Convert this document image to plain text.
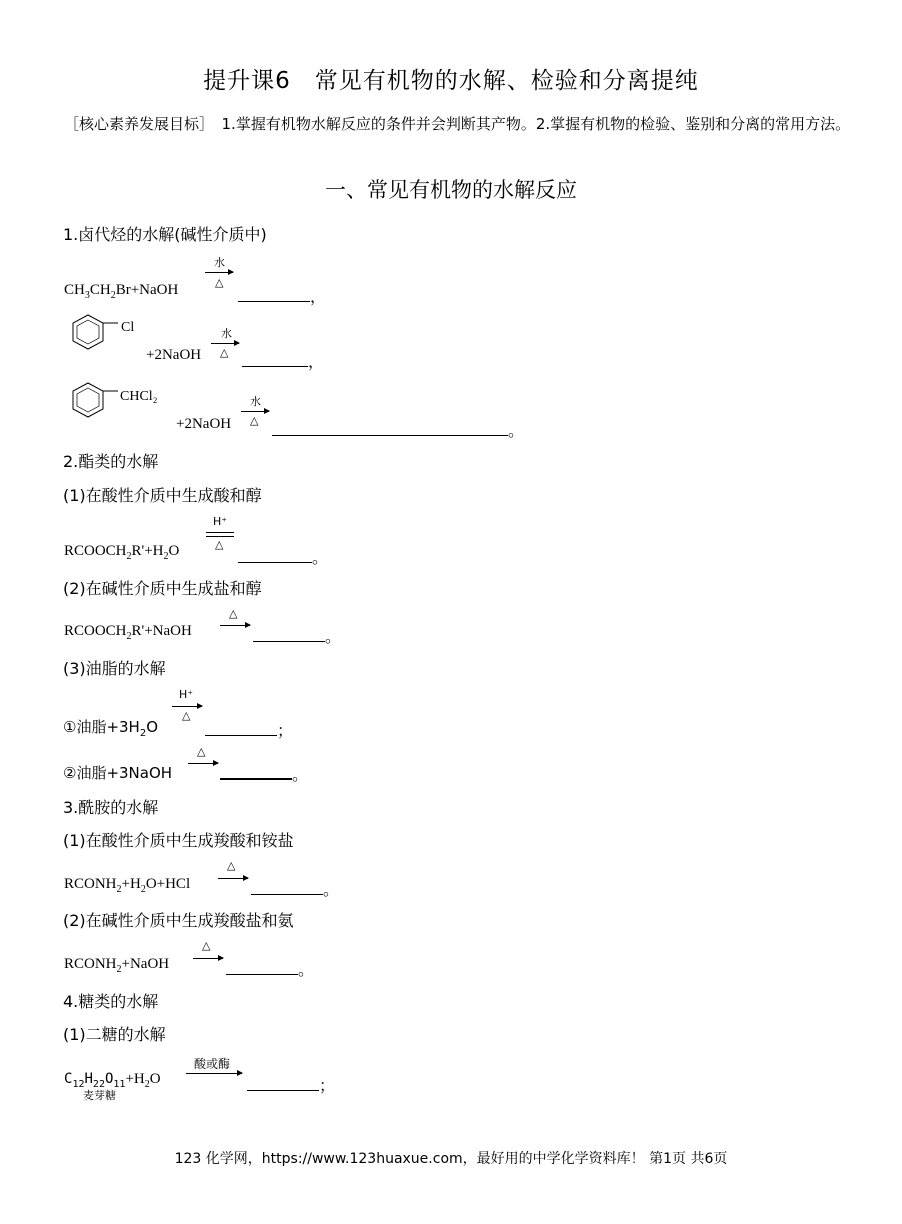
提升课6　常见有机物的水解、检验和分离提纯
［核心素养发展目标］　1.掌握有机物水解反应的条件并会判断其产物。2.掌握有机物的检验、鉴别和分离的常用方法。
一、常见有机物的水解反应
1.卤代烃的水解(碱性介质中)
$CH_3CH_2Br+NaOH$
水
△
，
Cl
+2NaOH
水
△	，
CHCl₂
+2NaOH
水
△
。
2.酯类的水解
(1)在酸性介质中生成酸和醇
$RCOOCH_2R'+H_2O$
H⁺
△
。
(2)在碱性介质中生成盐和醇
$RCOOCH_2R'+NaOH$
△
。
(3)油脂的水解
①油脂$+3H_2O$
H⁺
△
；
②油脂+3NaOH
△
。
3.酰胺的水解
(1)在酸性介质中生成羧酸和铵盐
$RCONH_2+H_2O+HCl$
△
。
(2)在碱性介质中生成羧酸盐和氨
$RCONH_2+NaOH$
△
。
4.糖类的水解
(1)二糖的水解
$C_{12}H_{22}O_{11}+H_2O$
麦芽糖
酸或酶
；
123 化学网，https://www.123huaxue.com，最好用的中学化学资料库！ 第1页 共6页
